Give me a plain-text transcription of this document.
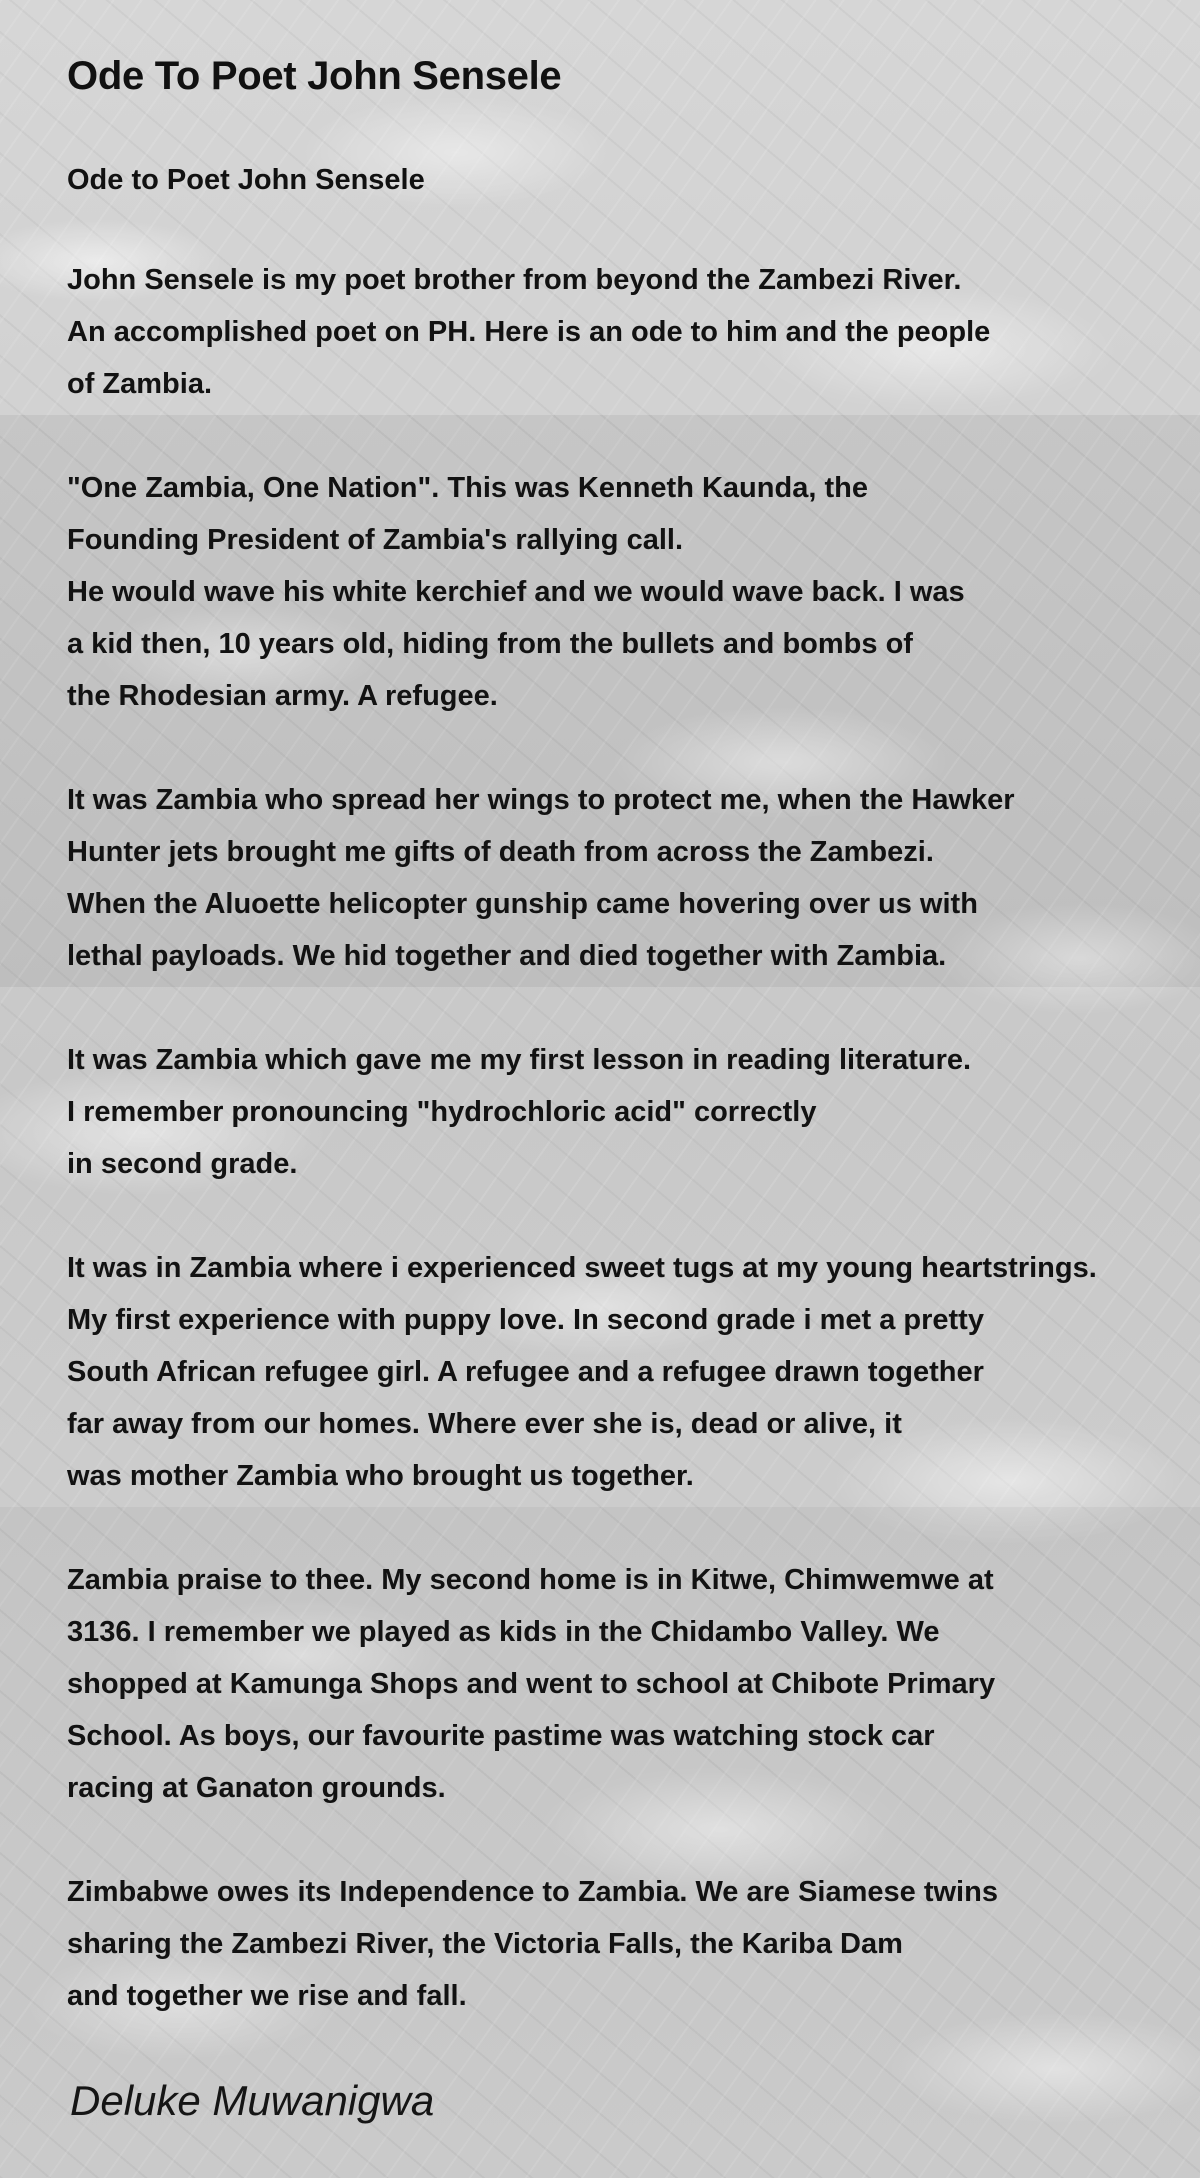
Ode To Poet John Sensele
Ode to Poet John Sensele
John Sensele is my poet brother from beyond the Zambezi River.
An accomplished poet on PH. Here is an ode to him and the people
of Zambia.
"One Zambia, One Nation". This was Kenneth Kaunda, the
Founding President of Zambia's rallying call.
He would wave his white kerchief and we would wave back. I was
a kid then, 10 years old, hiding from the bullets and bombs of
the Rhodesian army. A refugee.
It was Zambia who spread her wings to protect me, when the Hawker
Hunter jets brought me gifts of death from across the Zambezi.
When the Aluoette helicopter gunship came hovering over us with
lethal payloads. We hid together and died together with Zambia.
It was Zambia which gave me my first lesson in reading literature.
I remember pronouncing "hydrochloric acid" correctly
in second grade.
It was in Zambia where i experienced sweet tugs at my young heartstrings.
My first experience with puppy love. In second grade i met a pretty
South African refugee girl. A refugee and a refugee drawn together
far away from our homes. Where ever she is, dead or alive, it
was mother Zambia who brought us together.
Zambia praise to thee. My second home is in Kitwe, Chimwemwe at
3136. I remember we played as kids in the Chidambo Valley. We
shopped at Kamunga Shops and went to school at Chibote Primary
School. As boys, our favourite pastime was watching stock car
racing at Ganaton grounds.
Zimbabwe owes its Independence to Zambia. We are Siamese twins
sharing the Zambezi River, the Victoria Falls, the Kariba Dam
and together we rise and fall.
Deluke Muwanigwa
